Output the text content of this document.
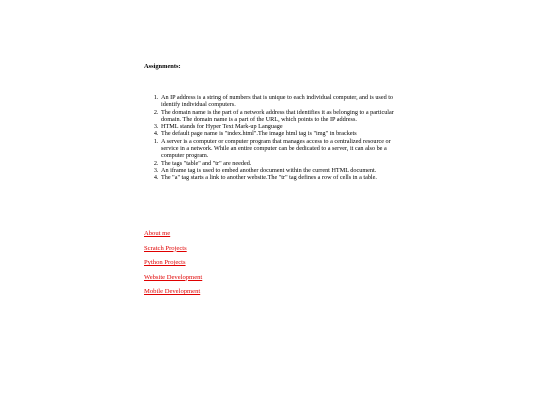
Assignments:

1. An IP address is a string of numbers that is unique to each individual computer, and is used to identify individual computers.
2. The domain name is the part of a network address that identifies it as belonging to a particular domain. The domain name is a part of the URL, which points to the IP address.
3. HTML stands for Hyper Text Mark-up Language
4. The default page name is "index.html".The image html tag is "img" in brackets
1. A server is a computer or computer program that manages access to a centralized resource or service in a network. While an entire computer can be dedicated to a server, it can also be a computer program.
2. The tags "table" and "tr" are needed.
3. An iframe tag is used to embed another document within the current HTML document.
4. The "a" tag starts a link to another website.The "tr" tag defines a row of cells in a table.
About me
Scratch Projects
Python Projects
Website Development
Mobile Development
